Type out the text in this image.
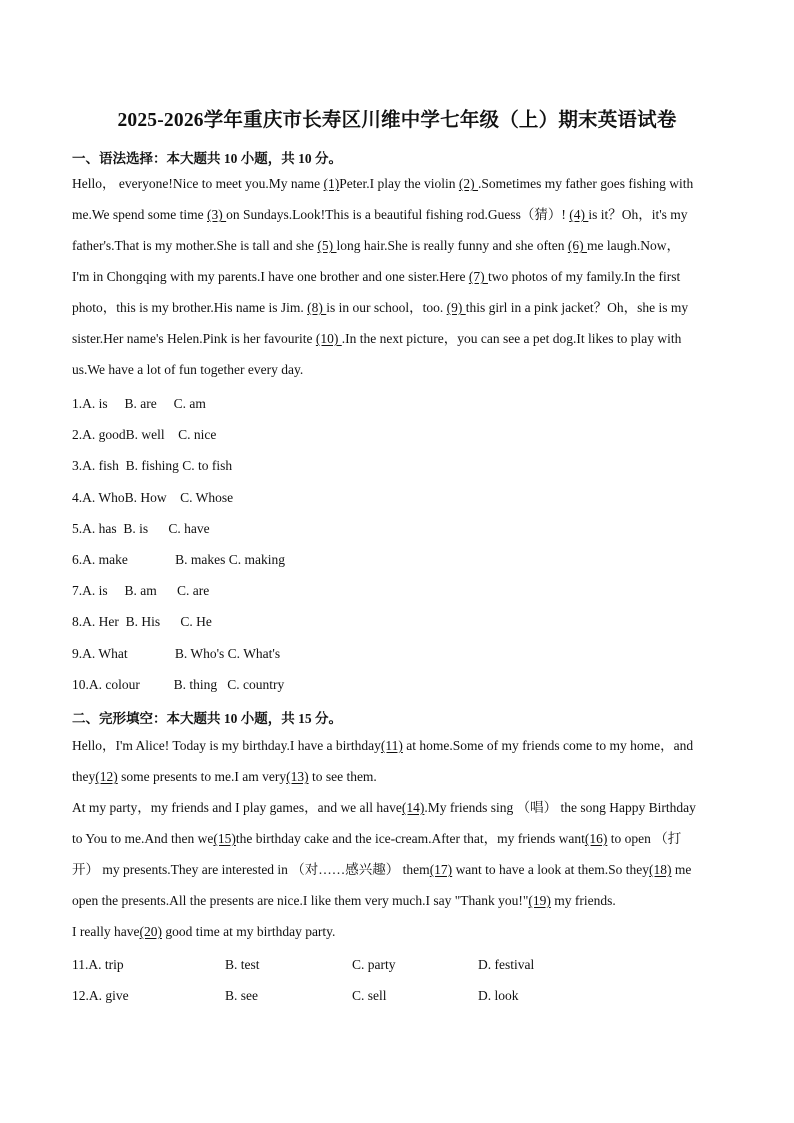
2025-2026学年重庆市长寿区川维中学七年级（上）期末英语试卷
一、语法选择：本大题共 10 小题，共 10 分。
Hello， everyone!Nice to meet you.My name (1)Peter.I play the violin (2) .Sometimes my father goes fishing with
me.We spend some time (3) on Sundays.Look!This is a beautiful fishing rod.Guess（猜）! (4) is it？Oh，it's my
father's.That is my mother.She is tall and she (5) long hair.She is really funny and she often (6) me laugh.Now，
I'm in Chongqing with my parents.I have one brother and one sister.Here (7) two photos of my family.In the first
photo，this is my brother.His name is Jim. (8) is in our school，too. (9) this girl in a pink jacket？Oh，she is my
sister.Her name's Helen.Pink is her favourite (10) .In the next picture，you can see a pet dog.It likes to play with
us.We have a lot of fun together every day.
1.A. is     B. are     C. am
2.A. goodB. well    C. nice
3.A. fish  B. fishing C. to fish
4.A. WhoB. How    C. Whose
5.A. has  B. is      C. have
6.A. make              B. makes C. making
7.A. is     B. am      C. are
8.A. Her  B. His      C. He
9.A. What              B. Who's C. What's
10.A. colour          B. thing   C. country
二、完形填空：本大题共 10 小题，共 15 分。
Hello，I'm Alice! Today is my birthday.I have a birthday(11) at home.Some of my friends come to my home，and
they(12) some presents to me.I am very(13) to see them.
At my party，my friends and I play games，and we all have(14).My friends sing （唱） the song Happy Birthday
to You to me.And then we(15)the birthday cake and the ice-cream.After that，my friends want(16) to open （打
开） my presents.They are interested in （对……感兴趣） them(17) want to have a look at them.So they(18) me
open the presents.All the presents are nice.I like them very much.I say "Thank you!"(19) my friends.
I really have(20) good time at my birthday party.
11.A. trip	B. test	C. party	D. festival
12.A. give	B. see	C. sell	D. look
